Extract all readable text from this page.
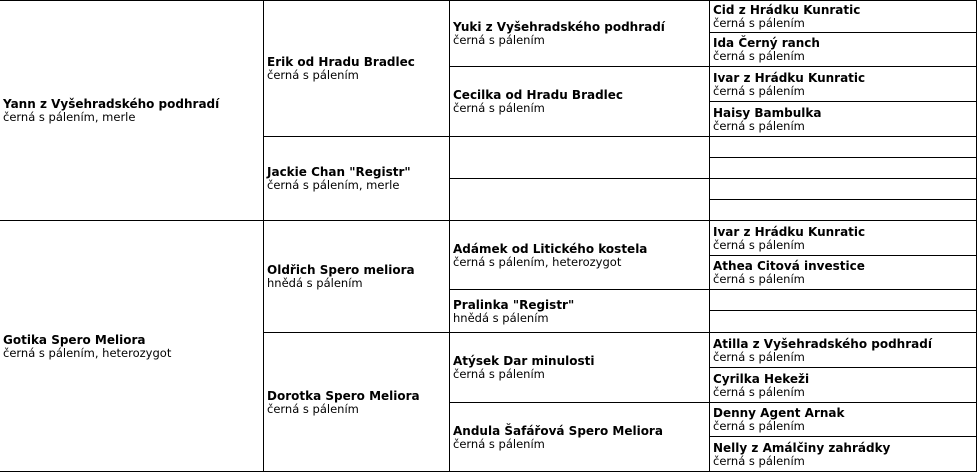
Yann z Vyšehradského podhradí
černá s pálením, merle
Gotika Spero Meliora
černá s pálením, heterozygot
Erik od Hradu Bradlec
černá s pálením
Jackie Chan "Registr"
černá s pálením, merle
Oldřich Spero meliora
hnědá s pálením
Dorotka Spero Meliora
černá s pálením
Yuki z Vyšehradského podhradí
černá s pálením
Cecilka od Hradu Bradlec
černá s pálením
Adámek od Litického kostela
černá s pálením, heterozygot
Pralinka "Registr"
hnědá s pálením
Atýsek Dar minulosti
černá s pálením
Andula Šafářová Spero Meliora
černá s pálením
Cid z Hrádku Kunratic
černá s pálením
Ida Černý ranch
černá s pálením
Ivar z Hrádku Kunratic
černá s pálením
Haisy Bambulka
černá s pálením
Ivar z Hrádku Kunratic
černá s pálením
Athea Citová investice
černá s pálením
Atilla z Vyšehradského podhradí
černá s pálením
Cyrilka Hekeži
černá s pálením
Denny Agent Arnak
černá s pálením
Nelly z Amálčiny zahrádky
černá s pálením
